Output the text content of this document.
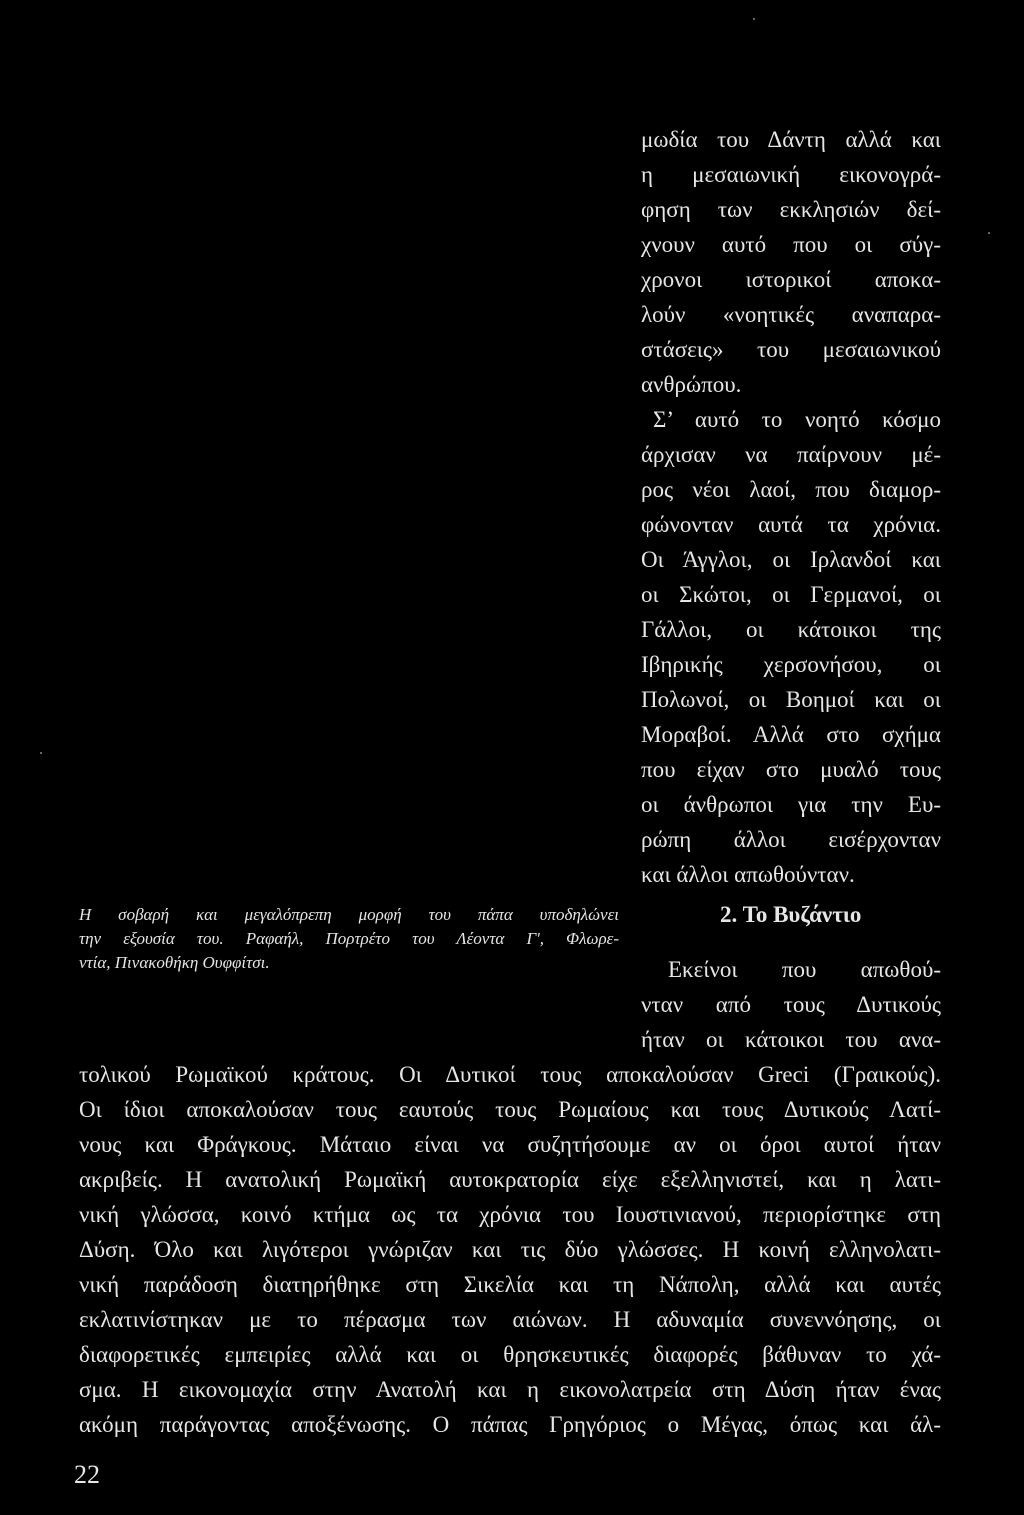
μωδία του Δάντη αλλά και

η μεσαιωνική εικονογρά-

φηση των εκκλησιών δεί-

χνουν αυτό που οι σύγ-

χρονοι ιστορικοί αποκα-

λούν «νοητικές αναπαρα-

στάσεις» του μεσαιωνικού

ανθρώπου.

Σ’ αυτό το νοητό κόσμο

άρχισαν να παίρνουν μέ-

ρος νέοι λαοί, που διαμορ-

φώνονταν αυτά τα χρόνια.

Οι Άγγλοι, οι Ιρλανδοί και

οι Σκώτοι, οι Γερμανοί, οι

Γάλλοι, οι κάτοικοι της

Ιβηρικής χερσονήσου, οι

Πολωνοί, οι Βοημοί και οι

Μοραβοί. Αλλά στο σχήμα

που είχαν στο μυαλό τους

οι άνθρωποι για την Ευ-

ρώπη άλλοι εισέρχονταν

και άλλοι απωθούνταν.

Η σοβαρή και μεγαλόπρεπη μορφή του πάπα υποδηλώνει

την εξουσία του. Ραφαήλ, Πορτρέτο του Λέοντα Γ', Φλωρε-

ντία, Πινακοθήκη Ουφφίτσι.

2. Το Βυζάντιο

Εκείνοι που απωθού-

νταν από τους Δυτικούς

ήταν οι κάτοικοι του ανα-

τολικού Ρωμαϊκού κράτους. Οι Δυτικοί τους αποκαλούσαν Greci (Γραικούς).

Οι ίδιοι αποκαλούσαν τους εαυτούς τους Ρωμαίους και τους Δυτικούς Λατί-

νους και Φράγκους. Μάταιο είναι να συζητήσουμε αν οι όροι αυτοί ήταν

ακριβείς. Η ανατολική Ρωμαϊκή αυτοκρατορία είχε εξελληνιστεί, και η λατι-

νική γλώσσα, κοινό κτήμα ως τα χρόνια του Ιουστινιανού, περιορίστηκε στη

Δύση. Όλο και λιγότεροι γνώριζαν και τις δύο γλώσσες. Η κοινή ελληνολατι-

νική παράδοση διατηρήθηκε στη Σικελία και τη Νάπολη, αλλά και αυτές

εκλατινίστηκαν με το πέρασμα των αιώνων. Η αδυναμία συνεννόησης, οι

διαφορετικές εμπειρίες αλλά και οι θρησκευτικές διαφορές βάθυναν το χά-

σμα. Η εικονομαχία στην Ανατολή και η εικονολατρεία στη Δύση ήταν ένας

ακόμη παράγοντας αποξένωσης. Ο πάπας Γρηγόριος ο Μέγας, όπως και άλ-

22
